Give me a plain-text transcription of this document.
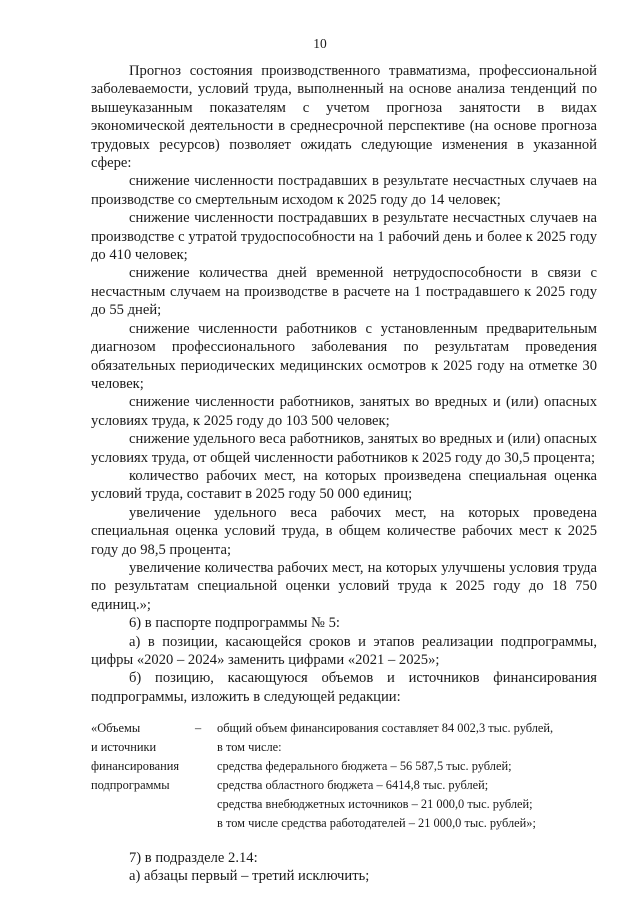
10

Прогноз состояния производственного травматизма, профессиональной заболеваемости, условий труда, выполненный на основе анализа тенденций по вышеуказанным показателям с учетом прогноза занятости в видах экономической деятельности в среднесрочной перспективе (на основе прогноза трудовых ресурсов) позволяет ожидать следующие изменения в указанной сфере:

снижение численности пострадавших в результате несчастных случаев на производстве со смертельным исходом к 2025 году до 14 человек;

снижение численности пострадавших в результате несчастных случаев на производстве с утратой трудоспособности на 1 рабочий день и более к 2025 году до 410 человек;

снижение количества дней временной нетрудоспособности в связи с несчастным случаем на производстве в расчете на 1 пострадавшего к 2025 году до 55 дней;

снижение численности работников с установленным предварительным диагнозом профессионального заболевания по результатам проведения обязательных периодических медицинских осмотров к 2025 году на отметке 30 человек;

снижение численности работников, занятых во вредных и (или) опасных условиях труда, к 2025 году до 103 500 человек;

снижение удельного веса работников, занятых во вредных и (или) опасных условиях труда, от общей численности работников к 2025 году до 30,5 процента;

количество рабочих мест, на которых произведена специальная оценка условий труда, составит в 2025 году 50 000 единиц;

увеличение удельного веса рабочих мест, на которых проведена специальная оценка условий труда, в общем количестве рабочих мест к 2025 году до 98,5 процента;

увеличение количества рабочих мест, на которых улучшены условия труда по результатам специальной оценки условий труда к 2025 году до 18 750 единиц.»;

6) в паспорте подпрограммы № 5:

а) в позиции, касающейся сроков и этапов реализации подпрограммы, цифры «2020 – 2024» заменить цифрами «2021 – 2025»;

б) позицию, касающуюся объемов и источников финансирования подпрограммы, изложить в следующей редакции:

«Объемы
и источники
финансирования
подпрограммы
–	общий объем финансирования составляет 84 002,3 тыс. рублей,
в том числе:
средства федерального бюджета – 56 587,5 тыс. рублей;
средства областного бюджета – 6414,8 тыс. рублей;
средства внебюджетных источников – 21 000,0 тыс. рублей;
в том числе средства работодателей – 21 000,0 тыс. рублей»;

7) в подразделе 2.14:

а) абзацы первый – третий исключить;
